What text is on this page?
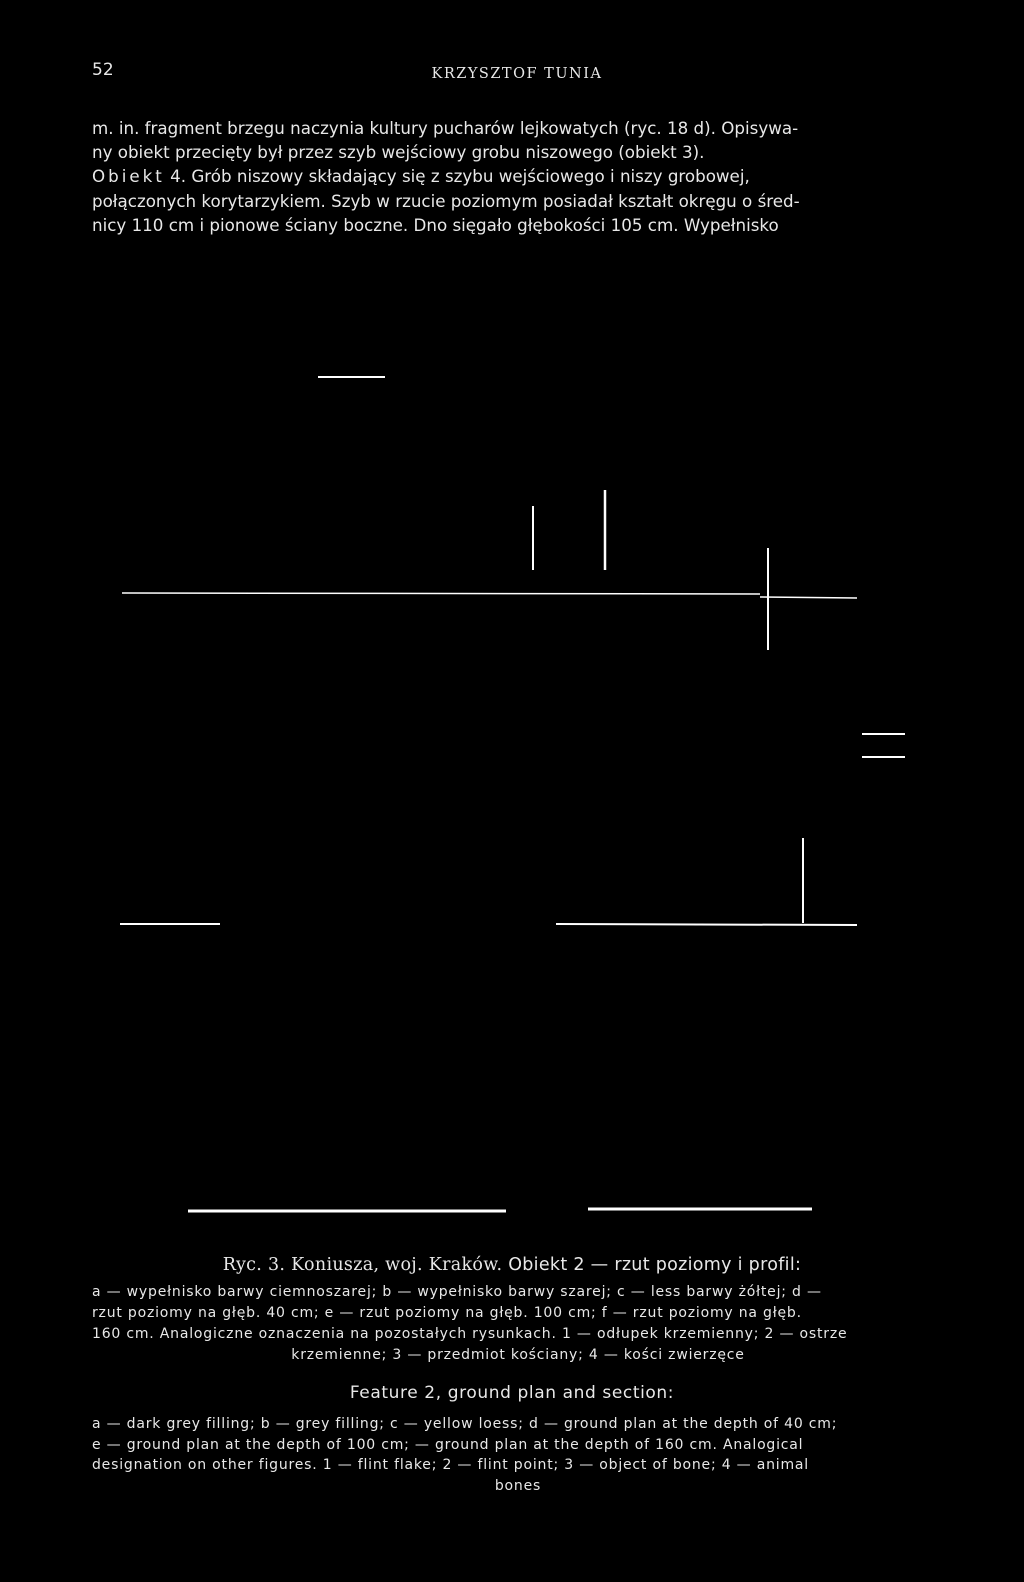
52	KRZYSZTOF TUNIA
m. in. fragment brzegu naczynia kultury pucharów lejkowatych (ryc. 18 d). Opisywa-
ny obiekt przecięty był przez szyb wejściowy grobu niszowego (obiekt 3).
Obiekt 4. Grób niszowy składający się z szybu wejściowego i niszy grobowej,
połączonych korytarzykiem. Szyb w rzucie poziomym posiadał kształt okręgu o śred-
nicy 110 cm i pionowe ściany boczne. Dno sięgało głębokości 105 cm. Wypełnisko
Ryc. 3. Koniusza, woj. Kraków. Obiekt 2 — rzut poziomy i profil:
a — wypełnisko barwy ciemnoszarej; b — wypełnisko barwy szarej; c — less barwy żółtej; d —
rzut poziomy na głęb. 40 cm; e — rzut poziomy na głęb. 100 cm; f — rzut poziomy na głęb.
160 cm. Analogiczne oznaczenia na pozostałych rysunkach. 1 — odłupek krzemienny; 2 — ostrze
krzemienne; 3 — przedmiot kościany; 4 — kości zwierzęce
Feature 2, ground plan and section:
a — dark grey filling; b — grey filling; c — yellow loess; d — ground plan at the depth of 40 cm;
e — ground plan at the depth of 100 cm; — ground plan at the depth of 160 cm. Analogical
designation on other figures. 1 — flint flake; 2 — flint point; 3 — object of bone; 4 — animal
bones
